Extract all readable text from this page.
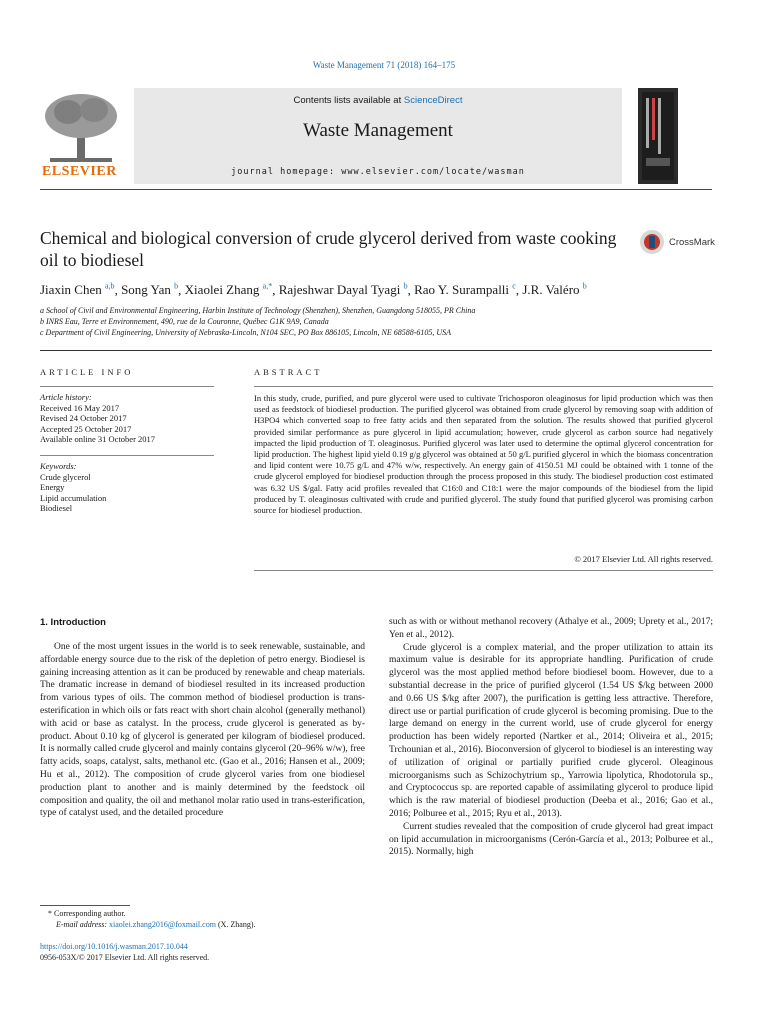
Waste Management 71 (2018) 164–175
ELSEVIER
Contents lists available at ScienceDirect
Waste Management
journal homepage: www.elsevier.com/locate/wasman
Chemical and biological conversion of crude glycerol derived from waste cooking oil to biodiesel
CrossMark
Jiaxin Chen $^{a,b}$, Song Yan $^b$, Xiaolei Zhang $^{a,*}$, Rajeshwar Dayal Tyagi $^b$, Rao Y. Surampalli $^c$, J.R. Valéro $^b$
a School of Civil and Environmental Engineering, Harbin Institute of Technology (Shenzhen), Shenzhen, Guangdong 518055, PR China
b INRS Eau, Terre et Environnement, 490, rue de la Couronne, Québec G1K 9A9, Canada
c Department of Civil Engineering, University of Nebraska-Lincoln, N104 SEC, PO Box 886105, Lincoln, NE 68588-6105, USA
ARTICLE INFO	ABSTRACT
Article history:
Received 16 May 2017
Revised 24 October 2017
Accepted 25 October 2017
Available online 31 October 2017
Keywords:
Crude glycerol
Energy
Lipid accumulation
Biodiesel
In this study, crude, purified, and pure glycerol were used to cultivate Trichosporon oleaginosus for lipid production which was then used as feedstock of biodiesel production. The purified glycerol was obtained from crude glycerol by removing soap with addition of H3PO4 which converted soap to free fatty acids and then separated from the solution. The results showed that purified glycerol provided similar performance as pure glycerol in lipid accumulation; however, crude glycerol as carbon source had negatively impacted the lipid production of T. oleaginosus. Purified glycerol was later used to determine the optimal glycerol concentration for lipid production. The highest lipid yield 0.19 g/g glycerol was obtained at 50 g/L purified glycerol in which the biomass concentration and lipid content were 10.75 g/L and 47% w/w, respectively. An energy gain of 4150.51 MJ could be obtained with 1 tonne of the crude glycerol employed for biodiesel production through the process proposed in this study. The biodiesel production cost estimated was 6.32 US $/gal. Fatty acid profiles revealed that C16:0 and C18:1 were the major compounds of the biodiesel from the lipid produced by T. oleaginosus cultivated with crude and purified glycerol. The study found that purified glycerol was promising carbon source for biodiesel production.
© 2017 Elsevier Ltd. All rights reserved.
1. Introduction

One of the most urgent issues in the world is to seek renewable, sustainable, and affordable energy source due to the risk of the depletion of petro energy. Biodiesel is gaining increasing attention as it can be produced by renewable and cheap materials. The dramatic increase in demand of biodiesel resulted in its increased production from various types of oils. The common method of biodiesel production is trans-esterification in which oils or fats react with short chain alcohol (generally methanol) with acid or base as catalyst. In the process, crude glycerol is generated as by-product. About 0.10 kg of glycerol is generated per kilogram of biodiesel produced. It is normally called crude glycerol and mainly contains glycerol (20–96% w/w), free fatty acids, soaps, catalyst, salts, methanol etc. (Gao et al., 2016; Hansen et al., 2009; Hu et al., 2012). The composition of crude glycerol varies from one biodiesel production plant to another and is mainly determined by the feedstock oil composition and quality, the oil and methanol molar ratio used in trans-esterification, type of catalyst used, and the detailed procedure

such as with or without methanol recovery (Athalye et al., 2009; Uprety et al., 2017; Yen et al., 2012).

Crude glycerol is a complex material, and the proper utilization to attain its maximum value is desirable for its appropriate handling. Purification of crude glycerol was the most applied method before biodiesel boom. However, due to a substantial decrease in the price of purified glycerol (1.54 US $/kg between 2000 and 0.66 US $/kg after 2007), the purification is getting less attractive. Therefore, direct use or partial purification of crude glycerol is becoming promising. Due to the large demand on energy in the current world, use of crude glycerol for energy production has been widely reported (Nartker et al., 2014; Oliveira et al., 2015; Trchounian et al., 2016). Bioconversion of glycerol to biodiesel is an interesting way of utilization of original or partially purified crude glycerol. Oleaginous microorganisms such as Schizochytrium sp., Yarrowia lipolytica, Rhodotorula sp., and Cryptococcus sp. are reported capable of assimilating glycerol to produce lipid which is the raw material of biodiesel production (Deeba et al., 2016; Gao et al., 2016; Polburee et al., 2015; Ryu et al., 2013).

Current studies revealed that the composition of crude glycerol had great impact on lipid accumulation in microorganisms (Cerón-García et al., 2013; Polburee et al., 2015). Normally, high

* Corresponding author.
E-mail address: xiaolei.zhang2016@foxmail.com (X. Zhang).
https://doi.org/10.1016/j.wasman.2017.10.044
0956-053X/© 2017 Elsevier Ltd. All rights reserved.
